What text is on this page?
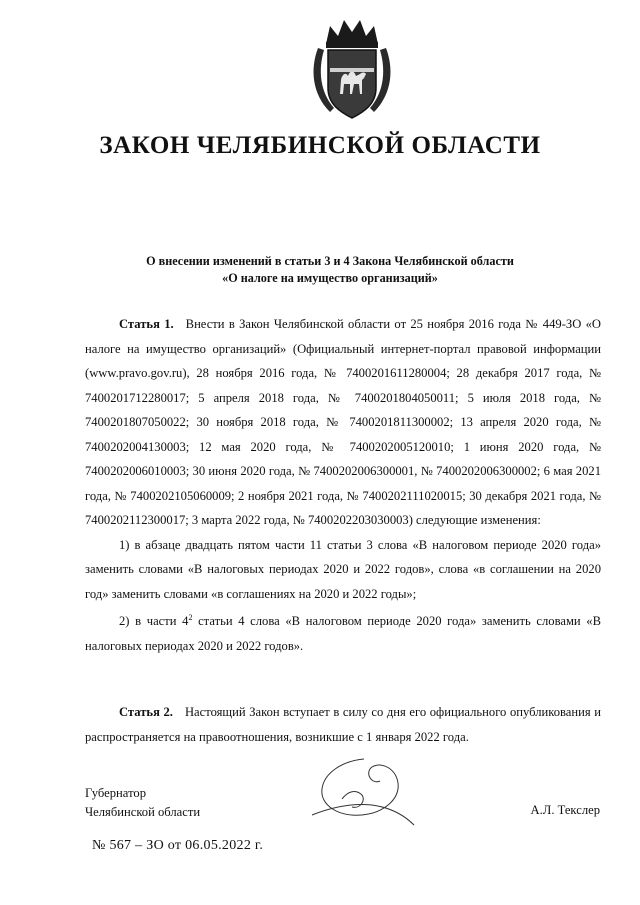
ЗАКОН ЧЕЛЯБИНСКОЙ ОБЛАСТИ
О внесении изменений в статьи 3 и 4 Закона Челябинской области
«О налоге на имущество организаций»

Статья 1. Внести в Закон Челябинской области от 25 ноября 2016 года № 449-ЗО «О налоге на имущество организаций» (Официальный интернет-портал правовой информации (www.pravo.gov.ru), 28 ноября 2016 года, № 7400201611280004; 28 декабря 2017 года, № 7400201712280017; 5 апреля 2018 года, № 7400201804050011; 5 июля 2018 года, № 7400201807050022; 30 ноября 2018 года, № 7400201811300002; 13 апреля 2020 года, № 7400202004130003; 12 мая 2020 года, № 7400202005120010; 1 июня 2020 года, № 7400202006010003; 30 июня 2020 года, № 7400202006300001, № 7400202006300002; 6 мая 2021 года, № 7400202105060009; 2 ноября 2021 года, № 7400202111020015; 30 декабря 2021 года, № 7400202112300017; 3 марта 2022 года, № 7400202203030003) следующие изменения:

1) в абзаце двадцать пятом части 11 статьи 3 слова «В налоговом периоде 2020 года» заменить словами «В налоговых периодах 2020 и 2022 годов», слова «в соглашении на 2020 год» заменить словами «в соглашениях на 2020 и 2022 годы»;

2) в части $4^2$ статьи 4 слова «В налоговом периоде 2020 года» заменить словами «В налоговых периодах 2020 и 2022 годов».

Статья 2. Настоящий Закон вступает в силу со дня его официального опубликования и распространяется на правоотношения, возникшие с 1 января 2022 года.

Губернатор
Челябинской области	А.Л. Текслер
№ 567 – ЗО от 06.05.2022 г.
